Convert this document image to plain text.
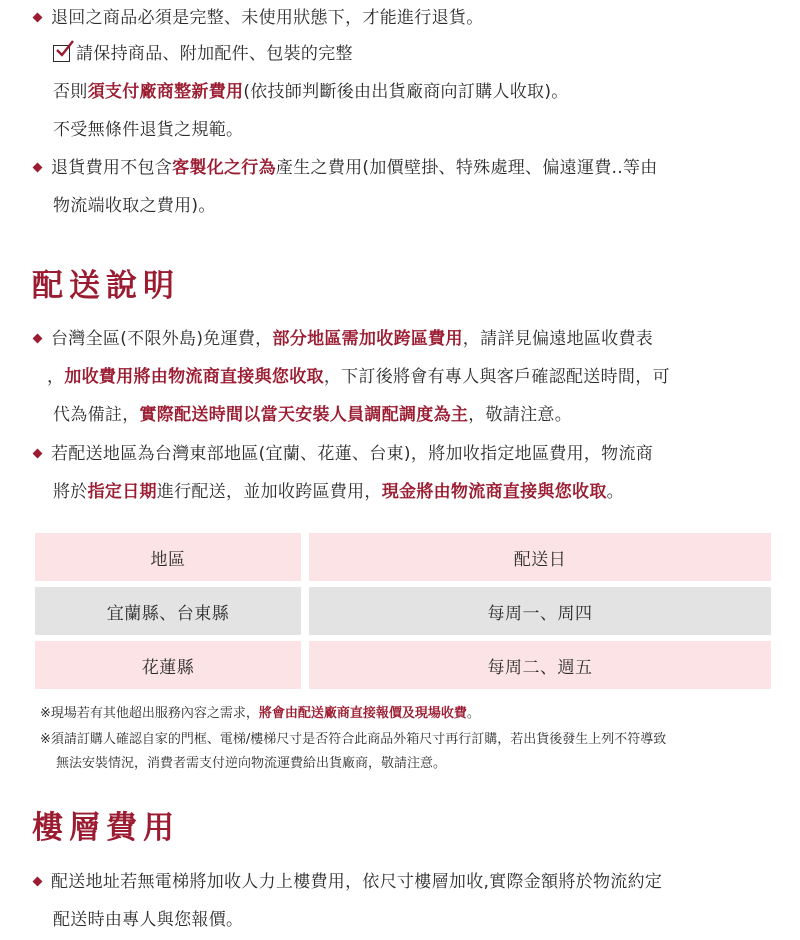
退回之商品必須是完整、未使用狀態下，才能進行退貨。
請保持商品、附加配件、包裝的完整
否則須支付廠商整新費用(依技師判斷後由出貨廠商向訂購人收取)。
不受無條件退貨之規範。
退貨費用不包含客製化之行為產生之費用(加價壁掛、特殊處理、偏遠運費..等由
物流端收取之費用)。
配送說明
台灣全區(不限外島)免運費，部分地區需加收跨區費用，請詳見偏遠地區收費表
，加收費用將由物流商直接與您收取，下訂後將會有專人與客戶確認配送時間，可
代為備註，實際配送時間以當天安裝人員調配調度為主，敬請注意。
若配送地區為台灣東部地區(宜蘭、花蓮、台東)，將加收指定地區費用，物流商
將於指定日期進行配送，並加收跨區費用，現金將由物流商直接與您收取。
地區	配送日
宜蘭縣、台東縣	每周一、周四
花蓮縣	每周二、週五
※現場若有其他超出服務內容之需求，將會由配送廠商直接報價及現場收費。
※須請訂購人確認自家的門框、電梯/樓梯尺寸是否符合此商品外箱尺寸再行訂購，若出貨後發生上列不符導致
無法安裝情況，消費者需支付逆向物流運費給出貨廠商，敬請注意。
樓層費用
配送地址若無電梯將加收人力上樓費用，依尺寸樓層加收,實際金額將於物流約定
配送時由專人與您報價。
